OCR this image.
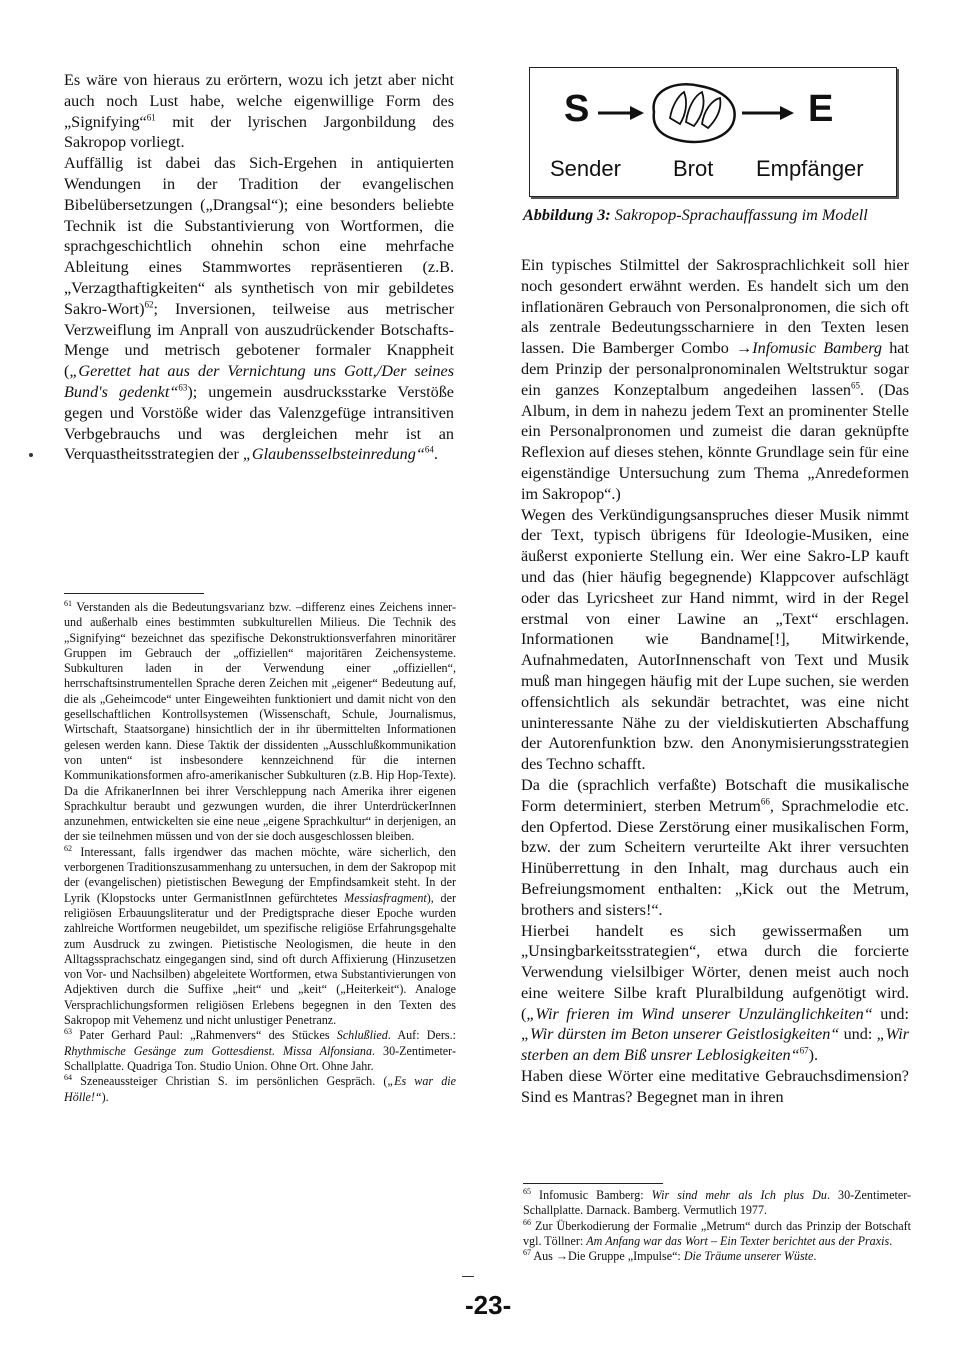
Es wäre von hieraus zu erörtern, wozu ich jetzt aber nicht auch noch Lust habe, welche eigenwillige Form des „Signifying“$^{61}$ mit der lyrischen Jargonbildung des Sakropop vorliegt.

Auffällig ist dabei das Sich-Ergehen in antiquierten Wendungen in der Tradition der evangelischen Bibelübersetzungen („Drangsal“); eine besonders beliebte Technik ist die Substantivierung von Wortformen, die sprachgeschichtlich ohnehin schon eine mehrfache Ableitung eines Stammwortes repräsentieren (z.B. „Verzagthaftigkeiten“ als synthetisch von mir gebildetes Sakro-Wort)$^{62}$; Inversionen, teilweise aus metrischer Verzweiflung im Anprall von auszudrückender Botschafts-Menge und metrisch gebotener formaler Knappheit („Gerettet hat aus der Vernichtung uns Gott,/Der seines Bund's gedenkt“$^{63}$); ungemein ausdrucksstarke Verstöße gegen und Vorstöße wider das Valenzgefüge intransitiven Verbgebrauchs und was dergleichen mehr ist an Verquastheitsstrategien der „Glaubensselbsteinredung“$^{64}$.

$^{61}$ Verstanden als die Bedeutungsvarianz bzw. –differenz eines Zeichens inner- und außerhalb eines bestimmten subkulturellen Milieus. Die Technik des „Signifying“ bezeichnet das spezifische Dekonstruktionsverfahren minoritärer Gruppen im Gebrauch der „offiziellen“ majoritären Zeichensysteme. Subkulturen laden in der Verwendung einer „offiziellen“, herrschaftsinstrumentellen Sprache deren Zeichen mit „eigener“ Bedeutung auf, die als „Geheimcode“ unter Eingeweihten funktioniert und damit nicht von den gesellschaftlichen Kontrollsystemen (Wissenschaft, Schule, Journalismus, Wirtschaft, Staatsorgane) hinsichtlich der in ihr übermittelten Informationen gelesen werden kann. Diese Taktik der dissidenten „Ausschlußkommunikation von unten“ ist insbesondere kennzeichnend für die internen Kommunikationsformen afro-amerikanischer Subkulturen (z.B. Hip Hop-Texte). Da die AfrikanerInnen bei ihrer Verschleppung nach Amerika ihrer eigenen Sprachkultur beraubt und gezwungen wurden, die ihrer UnterdrückerInnen anzunehmen, entwickelten sie eine neue „eigene Sprachkultur“ in derjenigen, an der sie teilnehmen müssen und von der sie doch ausgeschlossen bleiben.

$^{62}$ Interessant, falls irgendwer das machen möchte, wäre sicherlich, den verborgenen Traditionszusammenhang zu untersuchen, in dem der Sakropop mit der (evangelischen) pietistischen Bewegung der Empfindsamkeit steht. In der Lyrik (Klopstocks unter GermanistInnen gefürchtetes Messiasfragment), der religiösen Erbauungsliteratur und der Predigtsprache dieser Epoche wurden zahlreiche Wortformen neugebildet, um spezifische religiöse Erfahrungsgehalte zum Ausdruck zu zwingen. Pietistische Neologismen, die heute in den Alltagssprachschatz eingegangen sind, sind oft durch Affixierung (Hinzusetzen von Vor- und Nachsilben) abgeleitete Wortformen, etwa Substantivierungen von Adjektiven durch die Suffixe „heit“ und „keit“ („Heiterkeit“). Analoge Versprachlichungsformen religiösen Erlebens begegnen in den Texten des Sakropop mit Vehemenz und nicht unlustiger Penetranz.

$^{63}$ Pater Gerhard Paul: „Rahmenvers“ des Stückes Schlußlied. Auf: Ders.: Rhythmische Gesänge zum Gottesdienst. Missa Alfonsiana. 30-Zentimeter-Schallplatte. Quadriga Ton. Studio Union. Ohne Ort. Ohne Jahr.

$^{64}$ Szeneaussteiger Christian S. im persönlichen Gespräch. („Es war die Hölle!“).

S	E
Sender Brot Empfänger
Abbildung 3: Sakropop-Sprachauffassung im Modell

Ein typisches Stilmittel der Sakrosprachlichkeit soll hier noch gesondert erwähnt werden. Es handelt sich um den inflationären Gebrauch von Personalpronomen, die sich oft als zentrale Bedeutungsscharniere in den Texten lesen lassen. Die Bamberger Combo →Infomusic Bamberg hat dem Prinzip der personalpronominalen Weltstruktur sogar ein ganzes Konzeptalbum angedeihen lassen$^{65}$. (Das Album, in dem in nahezu jedem Text an prominenter Stelle ein Personalpronomen und zumeist die daran geknüpfte Reflexion auf dieses stehen, könnte Grundlage sein für eine eigenständige Untersuchung zum Thema „Anredeformen im Sakropop“.)

Wegen des Verkündigungsanspruches dieser Musik nimmt der Text, typisch übrigens für Ideologie-Musiken, eine äußerst exponierte Stellung ein. Wer eine Sakro-LP kauft und das (hier häufig begegnende) Klappcover aufschlägt oder das Lyricsheet zur Hand nimmt, wird in der Regel erstmal von einer Lawine an „Text“ erschlagen. Informationen wie Bandname[!], Mitwirkende, Aufnahmedaten, AutorInnenschaft von Text und Musik muß man hingegen häufig mit der Lupe suchen, sie werden offensichtlich als sekundär betrachtet, was eine nicht uninteressante Nähe zu der vieldiskutierten Abschaffung der Autorenfunktion bzw. den Anonymisierungsstrategien des Techno schafft.

Da die (sprachlich verfaßte) Botschaft die musikalische Form determiniert, sterben Metrum$^{66}$, Sprachmelodie etc. den Opfertod. Diese Zerstörung einer musikalischen Form, bzw. der zum Scheitern verurteilte Akt ihrer versuchten Hinüberrettung in den Inhalt, mag durchaus auch ein Befreiungsmoment enthalten: „Kick out the Metrum, brothers and sisters!“.

Hierbei handelt es sich gewissermaßen um „Unsingbarkeitsstrategien“, etwa durch die forcierte Verwendung vielsilbiger Wörter, denen meist auch noch eine weitere Silbe kraft Pluralbildung aufgenötigt wird. („Wir frieren im Wind unserer Unzulänglichkeiten“ und: „Wir dürsten im Beton unserer Geistlosigkeiten“ und: „Wir sterben an dem Biß unsrer Leblosigkeiten“$^{67}$).

Haben diese Wörter eine meditative Gebrauchsdimension? Sind es Mantras? Begegnet man in ihren

$^{65}$ Infomusic Bamberg: Wir sind mehr als Ich plus Du. 30-Zentimeter-Schallplatte. Darnack. Bamberg. Vermutlich 1977.

$^{66}$ Zur Überkodierung der Formalie „Metrum“ durch das Prinzip der Botschaft vgl. Töllner: Am Anfang war das Wort – Ein Texter berichtet aus der Praxis.

$^{67}$ Aus →Die Gruppe „Impulse“: Die Träume unserer Wüste.

-23-
